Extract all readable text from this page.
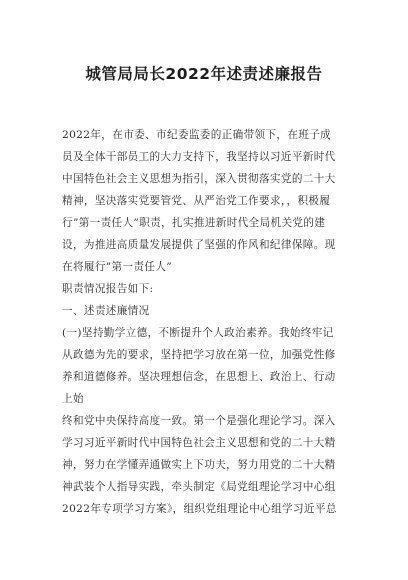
城管局局长2022年述责述廉报告
2022年，在市委、市纪委监委的正确带领下，在班子成
员及全体干部员工的大力支持下，我坚持以习近平新时代
中国特色社会主义思想为指引，深入贯彻落实党的二十大
精神，坚决落实党要管党、从严治党工作要求，，积极履
行”第一责任人”职责，扎实推进新时代全局机关党的建
设，为推进高质量发展提供了坚强的作风和纪律保障。现
在将履行”第一责任人”
职责情况报告如下:
一、述责述廉情况
(一)坚持勤学立德，不断提升个人政治素养。我始终牢记
从政德为先的要求，坚持把学习放在第一位，加强党性修
养和道德修养。坚决理想信念，在思想上、政治上、行动
上始
终和党中央保持高度一致。第一个是强化理论学习。深入
学习习近平新时代中国特色社会主义思想和党的二十大精
神，努力在学懂弄通做实上下功夫，努力用党的二十大精
神武装个人指导实践，牵头制定《局党组理论学习中心组
2022年专项学习方案》，组织党组理论中心组学习近平总
